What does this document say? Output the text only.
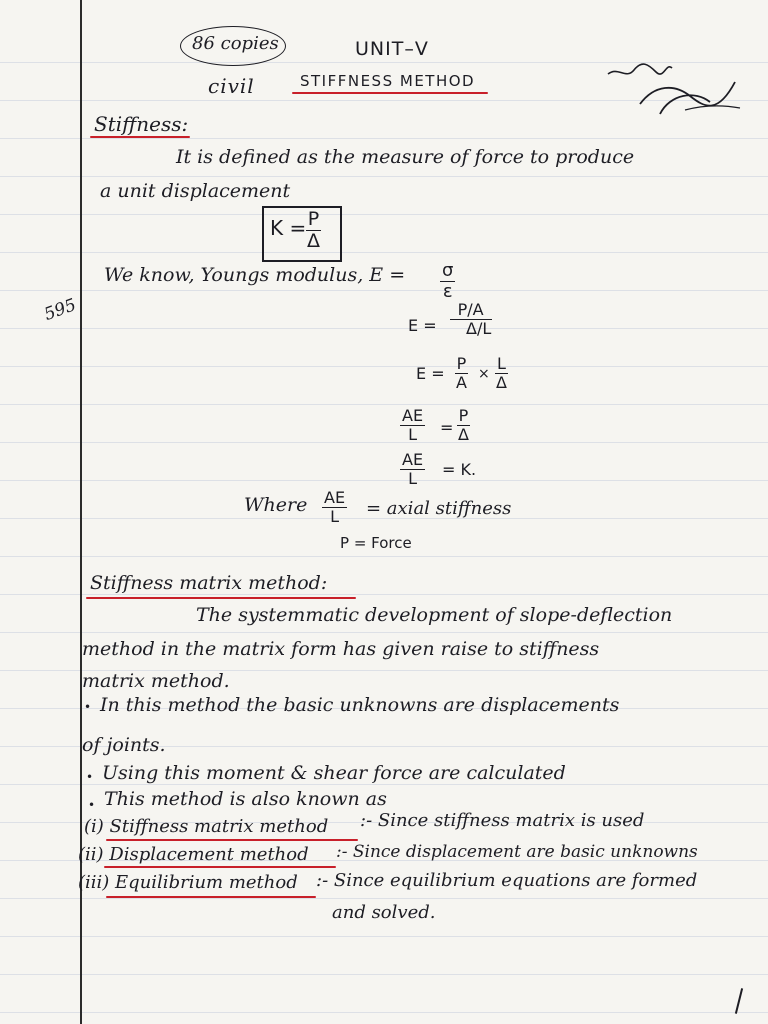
86 copies
civil
UNIT–V
STIFFNESS METHOD
595
Stiffness:
It is defined as the measure of force to produce
a unit displacement
K =
$\frac{P}{\Delta}$
We know, Youngs modulus, $E = \frac{\sigma}{\varepsilon}$
$E = \frac{P/A}{\Delta/L}$
$E = \frac{P}{A} \times \frac{L}{\Delta}$
$\frac{AE}{L} = \frac{P}{\Delta}$
$\frac{AE}{L} = K$.
Where $\frac{AE}{L}$ = axial stiffness
P = Force
Stiffness matrix method:
The systemmatic development of slope-deflection
method in the matrix form has given raise to stiffness
matrix method.
• In this method the basic unknowns are displacements
of joints.
• Using this moment & shear force are calculated
• This method is also known as
(i) Stiffness matrix method :- Since stiffness matrix is used
(ii) Displacement method :- Since displacement are basic unknowns
(iii) Equilibrium method :- Since equilibrium equations are formed
and solved.
